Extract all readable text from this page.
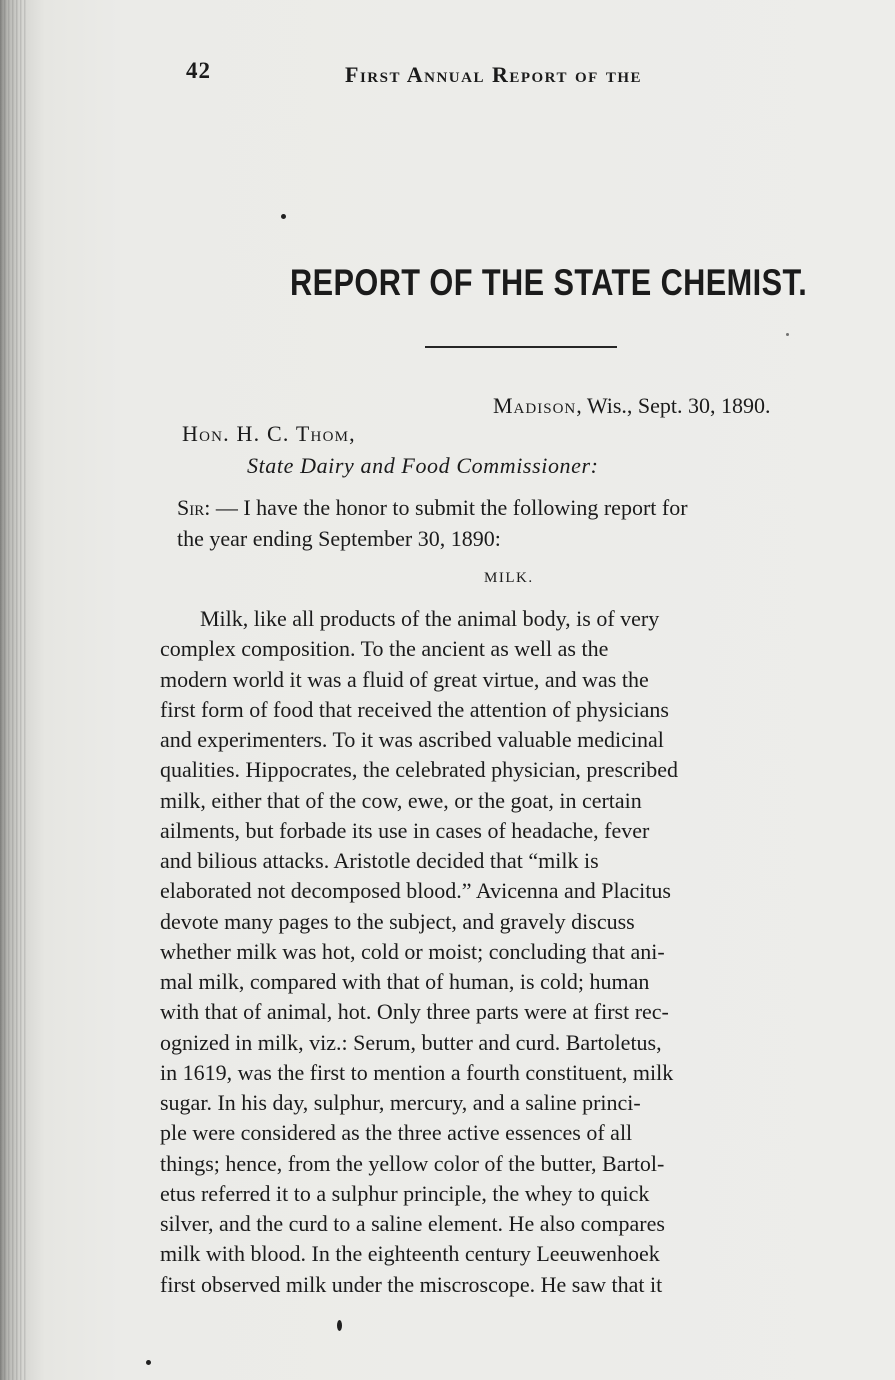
42	First Annual Report of the
REPORT OF THE STATE CHEMIST.
Madison, Wis., Sept. 30, 1890.
Hon. H. C. Thom,
State Dairy and Food Commissioner:
Sir: — I have the honor to submit the following report for
the year ending September 30, 1890:
MILK.
Milk, like all products of the animal body, is of very
complex composition. To the ancient as well as the
modern world it was a fluid of great virtue, and was the
first form of food that received the attention of physicians
and experimenters. To it was ascribed valuable medicinal
qualities. Hippocrates, the celebrated physician, prescribed
milk, either that of the cow, ewe, or the goat, in certain
ailments, but forbade its use in cases of headache, fever
and bilious attacks. Aristotle decided that “milk is
elaborated not decomposed blood.” Avicenna and Placitus
devote many pages to the subject, and gravely discuss
whether milk was hot, cold or moist; concluding that ani-
mal milk, compared with that of human, is cold; human
with that of animal, hot. Only three parts were at first rec-
ognized in milk, viz.: Serum, butter and curd. Bartoletus,
in 1619, was the first to mention a fourth constituent, milk
sugar. In his day, sulphur, mercury, and a saline princi-
ple were considered as the three active essences of all
things; hence, from the yellow color of the butter, Bartol-
etus referred it to a sulphur principle, the whey to quick
silver, and the curd to a saline element. He also compares
milk with blood. In the eighteenth century Leeuwenhoek
first observed milk under the miscroscope. He saw that it
